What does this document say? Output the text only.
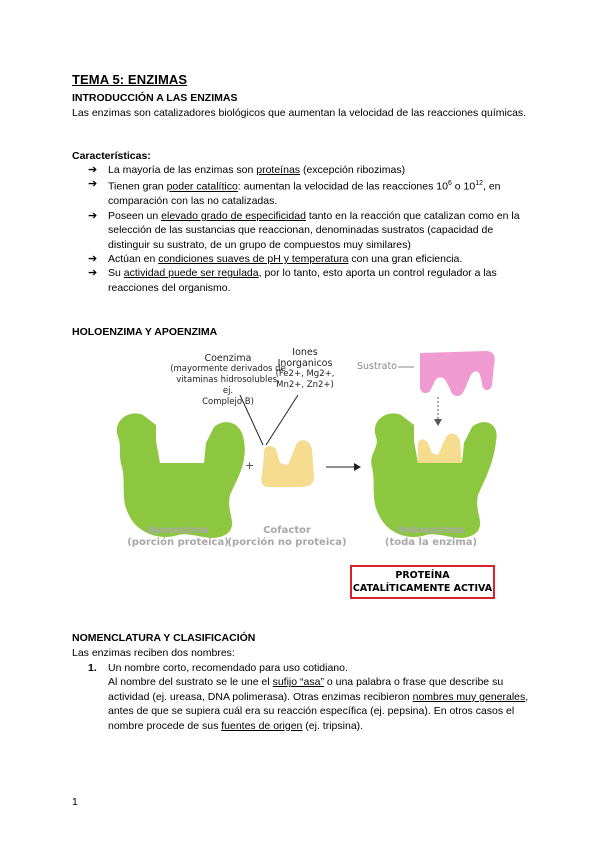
TEMA 5: ENZIMAS
INTRODUCCIÓN A LAS ENZIMAS
Las enzimas son catalizadores biológicos que aumentan la velocidad de las reacciones químicas.
Características:
➔ La mayoría de las enzimas son proteínas (excepción ribozimas)
➔ Tienen gran poder catalítico: aumentan la velocidad de las reacciones $10^6$ o $10^{12}$, en comparación con las no catalizadas.
➔ Poseen un elevado grado de especificidad tanto en la reacción que catalizan como en la selección de las sustancias que reaccionan, denominadas sustratos (capacidad de distinguir su sustrato, de un grupo de compuestos muy similares)
➔ Actúan en condiciones suaves de pH y temperatura con una gran eficiencia.
➔ Su actividad puede ser regulada, por lo tanto, esto aporta un control regulador a las reacciones del organismo.
HOLOENZIMA Y APOENZIMA
+
Coenzima
(mayormente derivados de
vitaminas hidrosolubles, ej.
Complejo B)
Iones
Inorganicos
(Fe2+, Mg2+,
Mn2+, Zn2+)
Sustrato
Apoenzima
(porción proteica)
Cofactor
(porción no proteica)
Holoenzima
(toda la enzima)
PROTEÍNA
CATALÍTICAMENTE ACTIVA
NOMENCLATURA Y CLASIFICACIÓN
Las enzimas reciben dos nombres:
1. Un nombre corto, recomendado para uso cotidiano.
Al nombre del sustrato se le une el sufijo “asa” o una palabra o frase que describe su actividad (ej. ureasa, DNA polimerasa). Otras enzimas recibieron nombres muy generales, antes de que se supiera cuál era su reacción específica (ej. pepsina). En otros casos el nombre procede de sus fuentes de origen (ej. tripsina).
1
